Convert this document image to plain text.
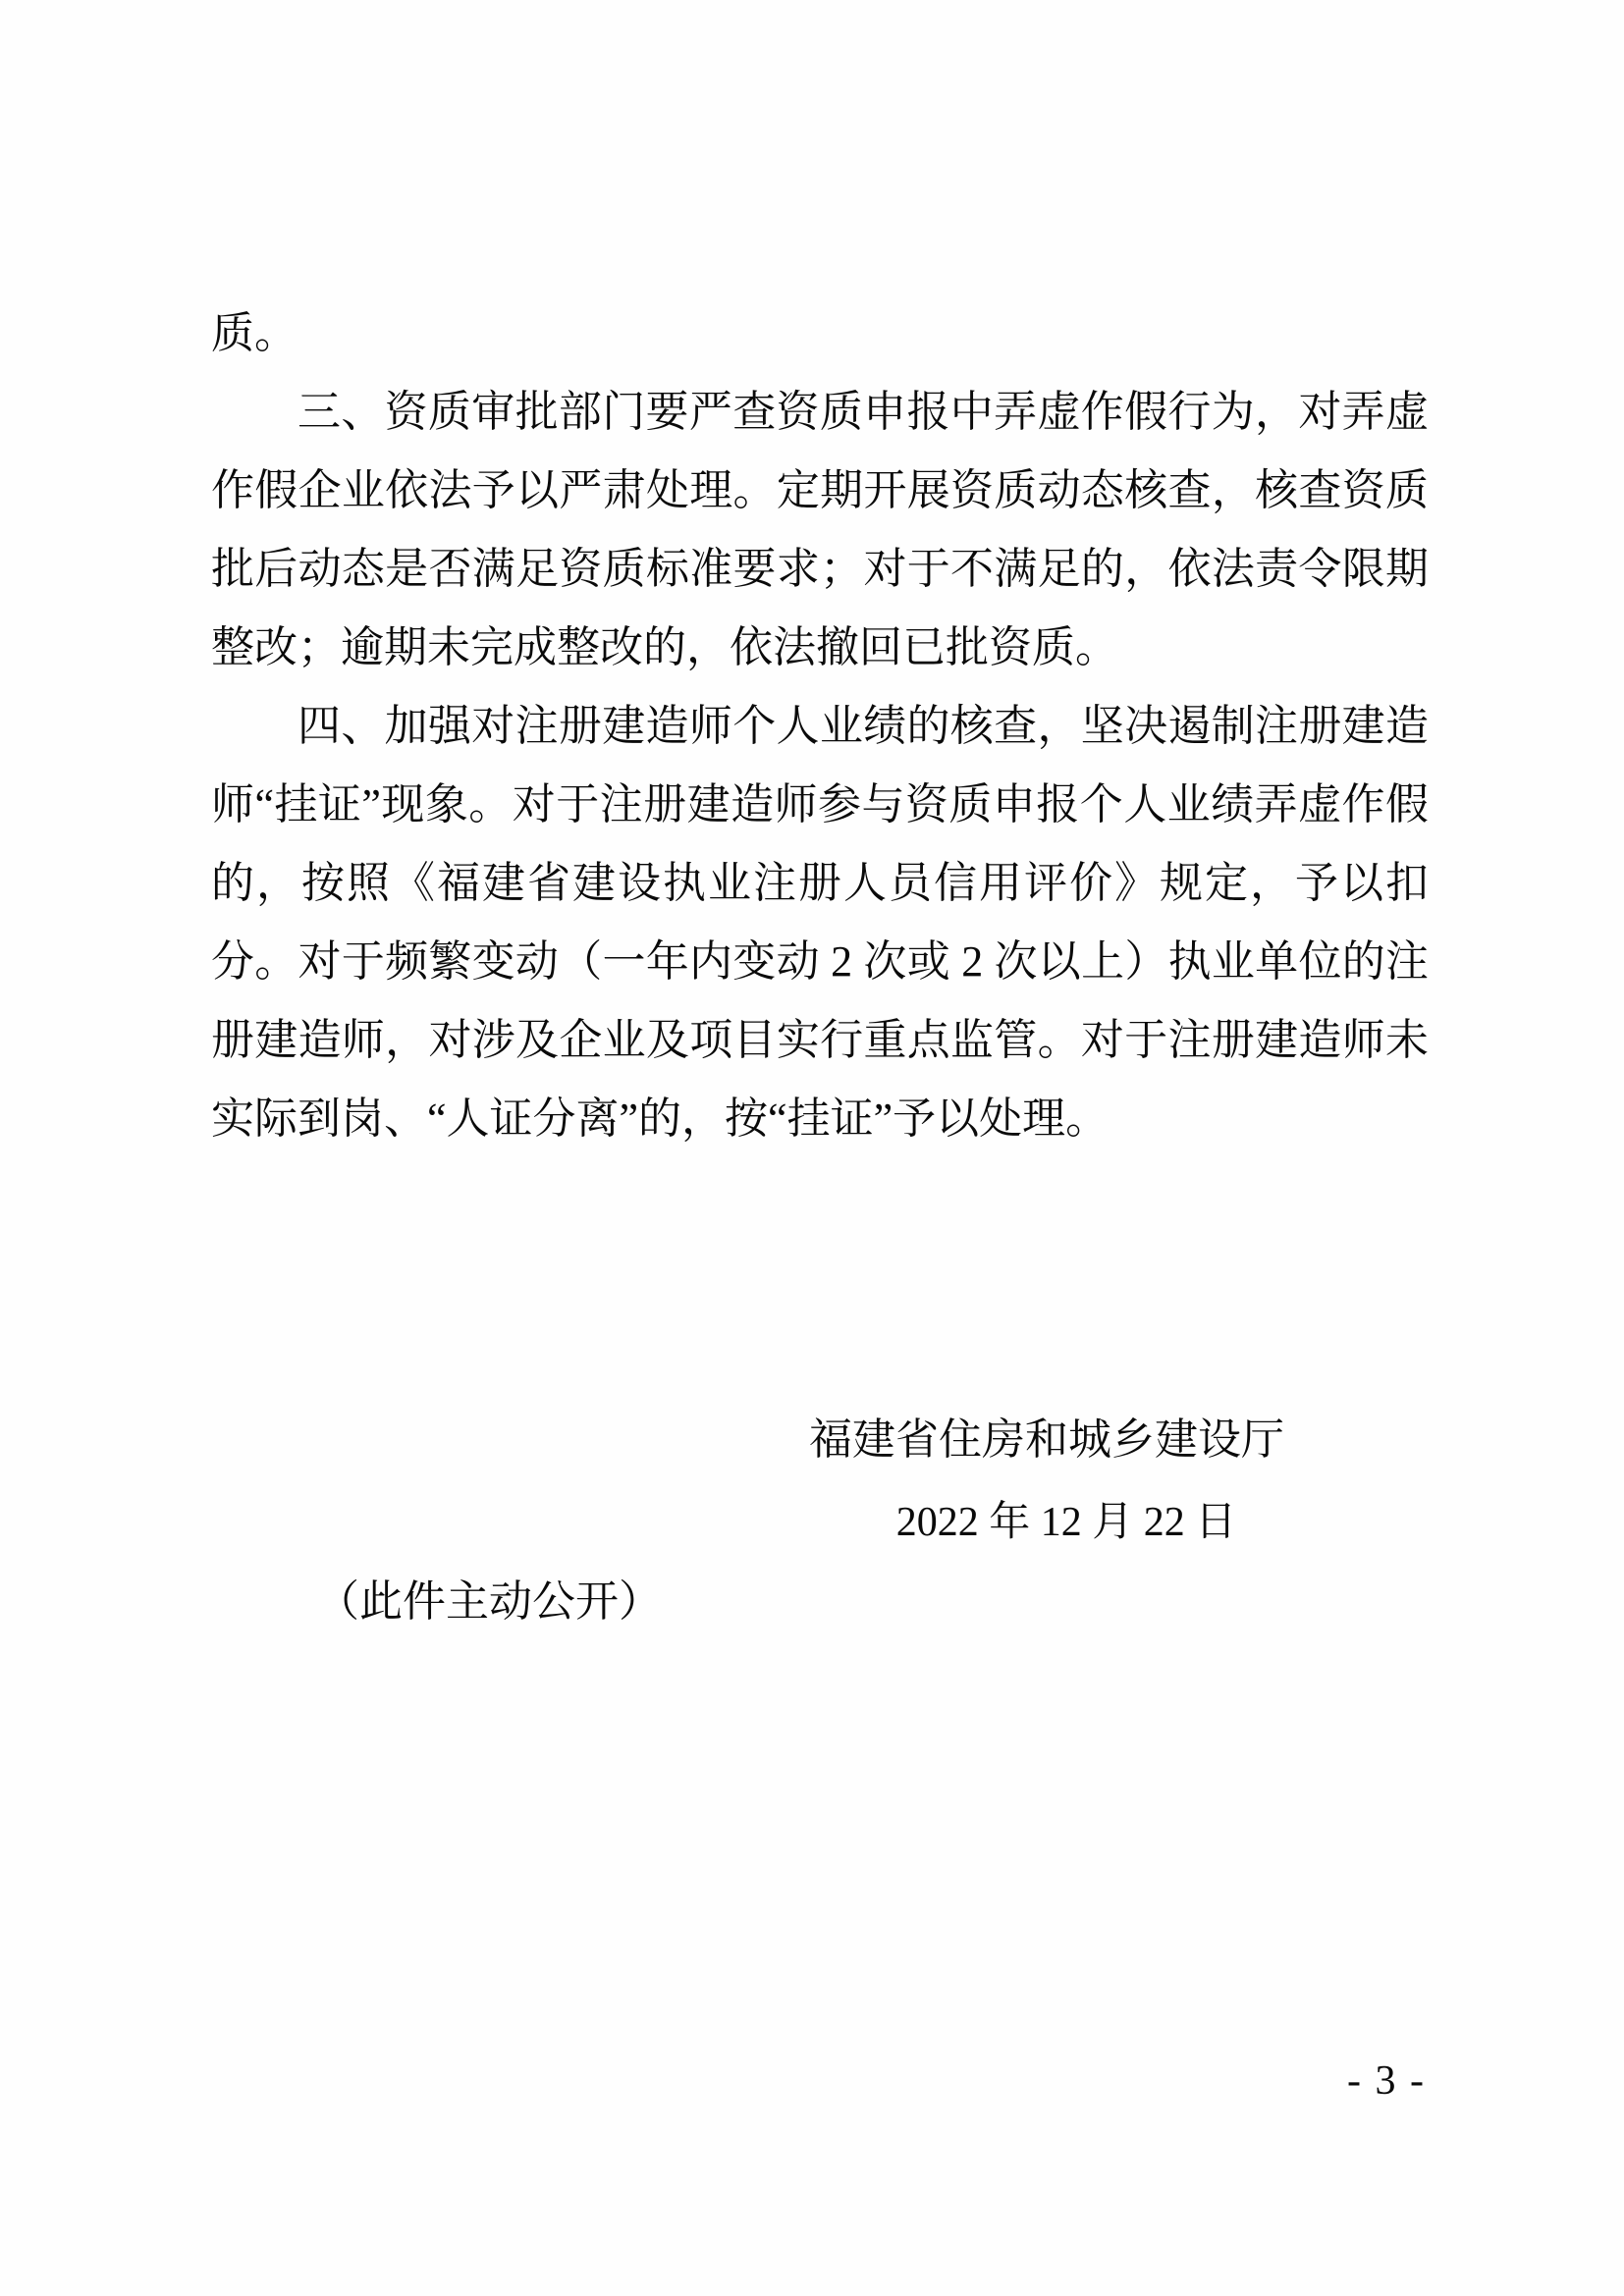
质。

三、资质审批部门要严查资质申报中弄虚作假行为，对弄虚作假企业依法予以严肃处理。定期开展资质动态核查，核查资质批后动态是否满足资质标准要求；对于不满足的，依法责令限期整改；逾期未完成整改的，依法撤回已批资质。

四、加强对注册建造师个人业绩的核查，坚决遏制注册建造师“挂证”现象。对于注册建造师参与资质申报个人业绩弄虚作假的，按照《福建省建设执业注册人员信用评价》规定，予以扣分。对于频繁变动（一年内变动 2 次或 2 次以上）执业单位的注册建造师，对涉及企业及项目实行重点监管。对于注册建造师未实际到岗、“人证分离”的，按“挂证”予以处理。

福建省住房和城乡建设厅
2022 年 12 月 22 日
（此件主动公开）
- 3 -
